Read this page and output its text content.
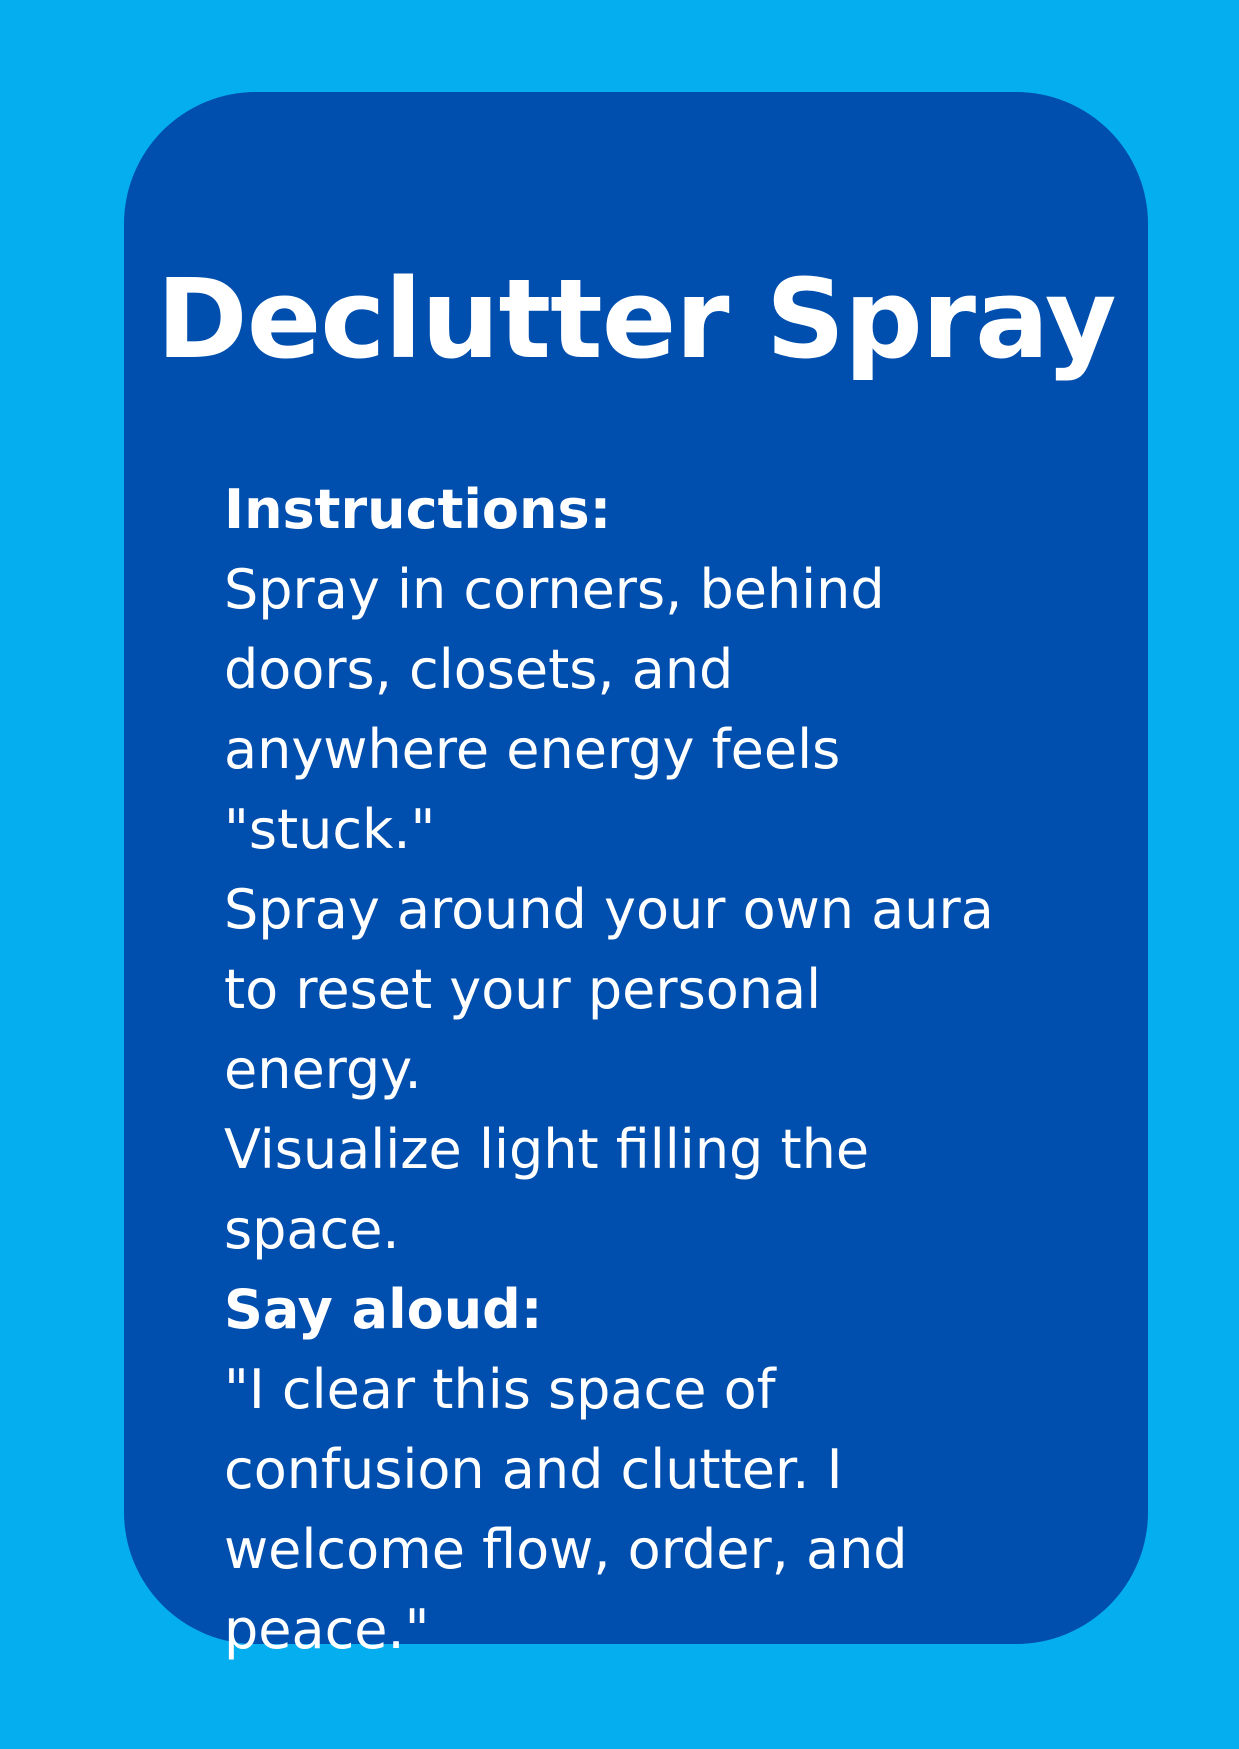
Declutter Spray
Instructions:
Spray in corners, behind
doors, closets, and
anywhere energy feels
"stuck."
Spray around your own aura
to reset your personal
energy.
Visualize light filling the
space.
Say aloud:
"I clear this space of
confusion and clutter. I
welcome flow, order, and
peace."
